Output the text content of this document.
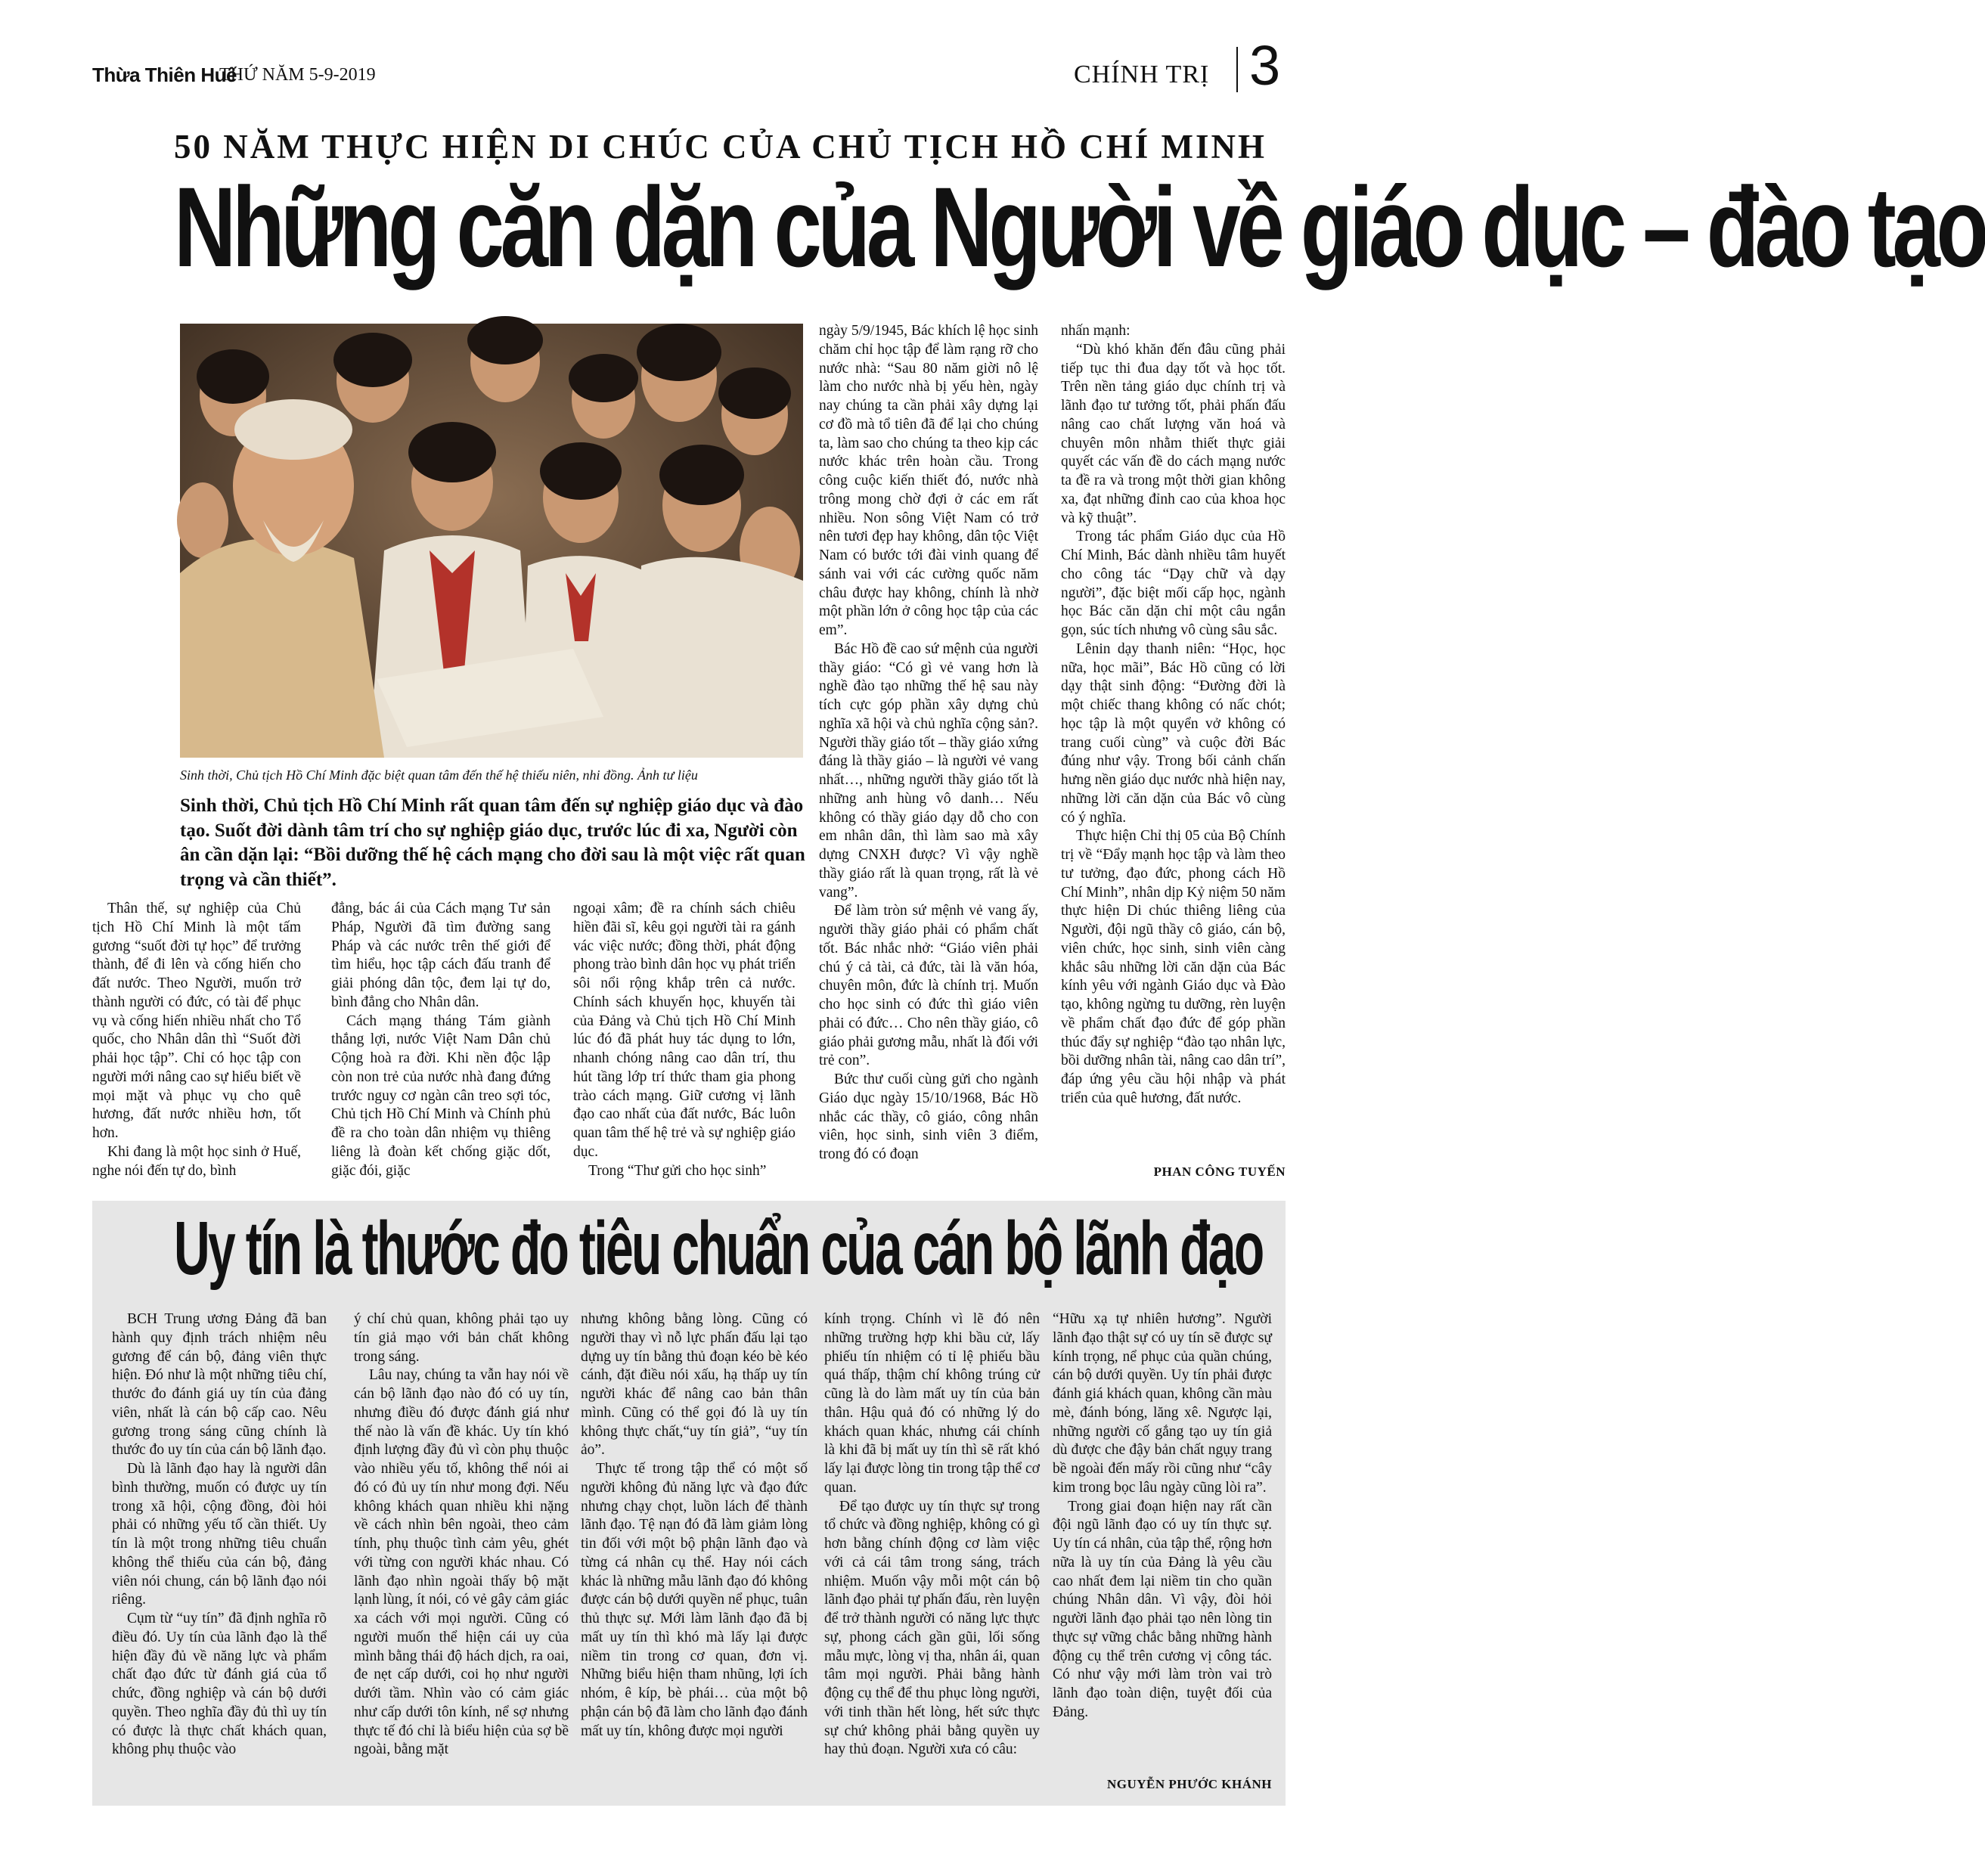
Thừa Thiên Huế
THỨ NĂM 5-9-2019	CHÍNH TRỊ 3
50 NĂM THỰC HIỆN DI CHÚC CỦA CHỦ TỊCH HỒ CHÍ MINH
Những căn dặn của Người về giáo dục – đào tạo
Sinh thời, Chủ tịch Hồ Chí Minh đặc biệt quan tâm đến thế hệ thiếu niên, nhi đồng. Ảnh tư liệu
Sinh thời, Chủ tịch Hồ Chí Minh rất quan tâm đến sự nghiệp giáo dục và đào tạo. Suốt đời dành tâm trí cho sự nghiệp giáo dục, trước lúc đi xa, Người còn ân cần dặn lại: “Bồi dưỡng thế hệ cách mạng cho đời sau là một việc rất quan trọng và cần thiết”.

Thân thế, sự nghiệp của Chủ tịch Hồ Chí Minh là một tấm gương “suốt đời tự học” để trưởng thành, để đi lên và cống hiến cho đất nước. Theo Người, muốn trở thành người có đức, có tài để phục vụ và cống hiến nhiều nhất cho Tổ quốc, cho Nhân dân thì “Suốt đời phải học tập”. Chỉ có học tập con người mới nâng cao sự hiểu biết về mọi mặt và phục vụ cho quê hương, đất nước nhiều hơn, tốt hơn.

Khi đang là một học sinh ở Huế, nghe nói đến tự do, bình

đẳng, bác ái của Cách mạng Tư sản Pháp, Người đã tìm đường sang Pháp và các nước trên thế giới để tìm hiểu, học tập cách đấu tranh để giải phóng dân tộc, đem lại tự do, bình đẳng cho Nhân dân.

Cách mạng tháng Tám giành thắng lợi, nước Việt Nam Dân chủ Cộng hoà ra đời. Khi nền độc lập còn non trẻ của nước nhà đang đứng trước nguy cơ ngàn cân treo sợi tóc, Chủ tịch Hồ Chí Minh và Chính phủ đề ra cho toàn dân nhiệm vụ thiêng liêng là đoàn kết chống giặc dốt, giặc đói, giặc

ngoại xâm; đề ra chính sách chiêu hiền đãi sĩ, kêu gọi người tài ra gánh vác việc nước; đồng thời, phát động phong trào bình dân học vụ phát triển sôi nổi rộng khắp trên cả nước. Chính sách khuyến học, khuyến tài của Đảng và Chủ tịch Hồ Chí Minh lúc đó đã phát huy tác dụng to lớn, nhanh chóng nâng cao dân trí, thu hút tầng lớp trí thức tham gia phong trào cách mạng. Giữ cương vị lãnh đạo cao nhất của đất nước, Bác luôn quan tâm thế hệ trẻ và sự nghiệp giáo dục.

Trong “Thư gửi cho học sinh”

ngày 5/9/1945, Bác khích lệ học sinh chăm chỉ học tập để làm rạng rỡ cho nước nhà: “Sau 80 năm giời nô lệ làm cho nước nhà bị yếu hèn, ngày nay chúng ta cần phải xây dựng lại cơ đồ mà tổ tiên đã để lại cho chúng ta, làm sao cho chúng ta theo kịp các nước khác trên hoàn cầu. Trong công cuộc kiến thiết đó, nước nhà trông mong chờ đợi ở các em rất nhiều. Non sông Việt Nam có trở nên tươi đẹp hay không, dân tộc Việt Nam có bước tới đài vinh quang để sánh vai với các cường quốc năm châu được hay không, chính là nhờ một phần lớn ở công học tập của các em”.

Bác Hồ đề cao sứ mệnh của người thầy giáo: “Có gì vẻ vang hơn là nghề đào tạo những thế hệ sau này tích cực góp phần xây dựng chủ nghĩa xã hội và chủ nghĩa cộng sản?. Người thầy giáo tốt – thầy giáo xứng đáng là thầy giáo – là người vẻ vang nhất…, những người thầy giáo tốt là những anh hùng vô danh… Nếu không có thầy giáo dạy dỗ cho con em nhân dân, thì làm sao mà xây dựng CNXH được? Vì vậy nghề thầy giáo rất là quan trọng, rất là vẻ vang”.

Để làm tròn sứ mệnh vẻ vang ấy, người thầy giáo phải có phẩm chất tốt. Bác nhắc nhở: “Giáo viên phải chú ý cả tài, cả đức, tài là văn hóa, chuyên môn, đức là chính trị. Muốn cho học sinh có đức thì giáo viên phải có đức… Cho nên thầy giáo, cô giáo phải gương mẫu, nhất là đối với trẻ con”.

Bức thư cuối cùng gửi cho ngành Giáo dục ngày 15/10/1968, Bác Hồ nhắc các thầy, cô giáo, công nhân viên, học sinh, sinh viên 3 điểm, trong đó có đoạn

nhấn mạnh:

“Dù khó khăn đến đâu cũng phải tiếp tục thi đua dạy tốt và học tốt. Trên nền tảng giáo dục chính trị và lãnh đạo tư tưởng tốt, phải phấn đấu nâng cao chất lượng văn hoá và chuyên môn nhằm thiết thực giải quyết các vấn đề do cách mạng nước ta đề ra và trong một thời gian không xa, đạt những đỉnh cao của khoa học và kỹ thuật”.

Trong tác phẩm Giáo dục của Hồ Chí Minh, Bác dành nhiều tâm huyết cho công tác “Dạy chữ và dạy người”, đặc biệt mối cấp học, ngành học Bác căn dặn chỉ một câu ngắn gọn, súc tích nhưng vô cùng sâu sắc.

Lênin dạy thanh niên: “Học, học nữa, học mãi”, Bác Hồ cũng có lời dạy thật sinh động: “Đường đời là một chiếc thang không có nấc chót; học tập là một quyển vở không có trang cuối cùng” và cuộc đời Bác đúng như vậy. Trong bối cảnh chấn hưng nền giáo dục nước nhà hiện nay, những lời căn dặn của Bác vô cùng có ý nghĩa.

Thực hiện Chỉ thị 05 của Bộ Chính trị về “Đẩy mạnh học tập và làm theo tư tưởng, đạo đức, phong cách Hồ Chí Minh”, nhân dịp Kỷ niệm 50 năm thực hiện Di chúc thiêng liêng của Người, đội ngũ thầy cô giáo, cán bộ, viên chức, học sinh, sinh viên càng khắc sâu những lời căn dặn của Bác kính yêu với ngành Giáo dục và Đào tạo, không ngừng tu dưỡng, rèn luyện về phẩm chất đạo đức để góp phần thúc đẩy sự nghiệp “đào tạo nhân lực, bồi dưỡng nhân tài, nâng cao dân trí”, đáp ứng yêu cầu hội nhập và phát triển của quê hương, đất nước.

PHAN CÔNG TUYẾN
Uy tín là thước đo tiêu chuẩn của cán bộ lãnh đạo

BCH Trung ương Đảng đã ban hành quy định trách nhiệm nêu gương để cán bộ, đảng viên thực hiện. Đó như là một những tiêu chí, thước đo đánh giá uy tín của đảng viên, nhất là cán bộ cấp cao. Nêu gương trong sáng cũng chính là thước đo uy tín của cán bộ lãnh đạo.

Dù là lãnh đạo hay là người dân bình thường, muốn có được uy tín trong xã hội, cộng đồng, đòi hỏi phải có những yếu tố cần thiết. Uy tín là một trong những tiêu chuẩn không thể thiếu của cán bộ, đảng viên nói chung, cán bộ lãnh đạo nói riêng.

Cụm từ “uy tín” đã định nghĩa rõ điều đó. Uy tín của lãnh đạo là thể hiện đầy đủ về năng lực và phẩm chất đạo đức từ đánh giá của tổ chức, đồng nghiệp và cán bộ dưới quyền. Theo nghĩa đầy đủ thì uy tín có được là thực chất khách quan, không phụ thuộc vào

ý chí chủ quan, không phải tạo uy tín giả mạo với bản chất không trong sáng.

Lâu nay, chúng ta vẫn hay nói về cán bộ lãnh đạo nào đó có uy tín, nhưng điều đó được đánh giá như thế nào là vấn đề khác. Uy tín khó định lượng đầy đủ vì còn phụ thuộc vào nhiều yếu tố, không thể nói ai đó có đủ uy tín như mong đợi. Nếu không khách quan nhiều khi nặng về cách nhìn bên ngoài, theo cảm tính, phụ thuộc tình cảm yêu, ghét với từng con người khác nhau. Có lãnh đạo nhìn ngoài thấy bộ mặt lạnh lùng, ít nói, có vẻ gây cảm giác xa cách với mọi người. Cũng có người muốn thể hiện cái uy của mình bằng thái độ hách dịch, ra oai, đe nẹt cấp dưới, coi họ như người dưới tầm. Nhìn vào có cảm giác như cấp dưới tôn kính, nể sợ nhưng thực tế đó chỉ là biểu hiện của sợ bề ngoài, bằng mặt

nhưng không bằng lòng. Cũng có người thay vì nỗ lực phấn đấu lại tạo dựng uy tín bằng thủ đoạn kéo bè kéo cánh, đặt điều nói xấu, hạ thấp uy tín người khác để nâng cao bản thân mình. Cũng có thể gọi đó là uy tín không thực chất,“uy tín giả”, “uy tín ảo”.

Thực tế trong tập thể có một số người không đủ năng lực và đạo đức nhưng chạy chọt, luồn lách để thành lãnh đạo. Tệ nạn đó đã làm giảm lòng tin đối với một bộ phận lãnh đạo và từng cá nhân cụ thể. Hay nói cách khác là những mẫu lãnh đạo đó không được cán bộ dưới quyền nể phục, tuân thủ thực sự. Mới làm lãnh đạo đã bị mất uy tín thì khó mà lấy lại được niềm tin trong cơ quan, đơn vị. Những biểu hiện tham nhũng, lợi ích nhóm, ê kíp, bè phái… của một bộ phận cán bộ đã làm cho lãnh đạo đánh mất uy tín, không được mọi người

kính trọng. Chính vì lẽ đó nên những trường hợp khi bầu cử, lấy phiếu tín nhiệm có tỉ lệ phiếu bầu quá thấp, thậm chí không trúng cử cũng là do làm mất uy tín của bản thân. Hậu quả đó có những lý do khách quan khác, nhưng cái chính là khi đã bị mất uy tín thì sẽ rất khó lấy lại được lòng tin trong tập thể cơ quan.

Để tạo được uy tín thực sự trong tổ chức và đồng nghiệp, không có gì hơn bằng chính động cơ làm việc với cả cái tâm trong sáng, trách nhiệm. Muốn vậy mỗi một cán bộ lãnh đạo phải tự phấn đấu, rèn luyện để trở thành người có năng lực thực sự, phong cách gần gũi, lối sống mẫu mực, lòng vị tha, nhân ái, quan tâm mọi người. Phải bằng hành động cụ thể để thu phục lòng người, với tinh thần hết lòng, hết sức thực sự chứ không phải bằng quyền uy hay thủ đoạn. Người xưa có câu:

“Hữu xạ tự nhiên hương”. Người lãnh đạo thật sự có uy tín sẽ được sự kính trọng, nể phục của quần chúng, cán bộ dưới quyền. Uy tín phải được đánh giá khách quan, không cần màu mè, đánh bóng, lăng xê. Ngược lại, những người cố gắng tạo uy tín giả dù được che đậy bản chất ngụy trang bề ngoài đến mấy rồi cũng như “cây kim trong bọc lâu ngày cũng lòi ra”.

Trong giai đoạn hiện nay rất cần đội ngũ lãnh đạo có uy tín thực sự. Uy tín cá nhân, của tập thể, rộng hơn nữa là uy tín của Đảng là yêu cầu cao nhất đem lại niềm tin cho quần chúng Nhân dân. Vì vậy, đòi hỏi người lãnh đạo phải tạo nên lòng tin thực sự vững chắc bằng những hành động cụ thể trên cương vị công tác. Có như vậy mới làm tròn vai trò lãnh đạo toàn diện, tuyệt đối của Đảng.

NGUYỄN PHƯỚC KHÁNH
